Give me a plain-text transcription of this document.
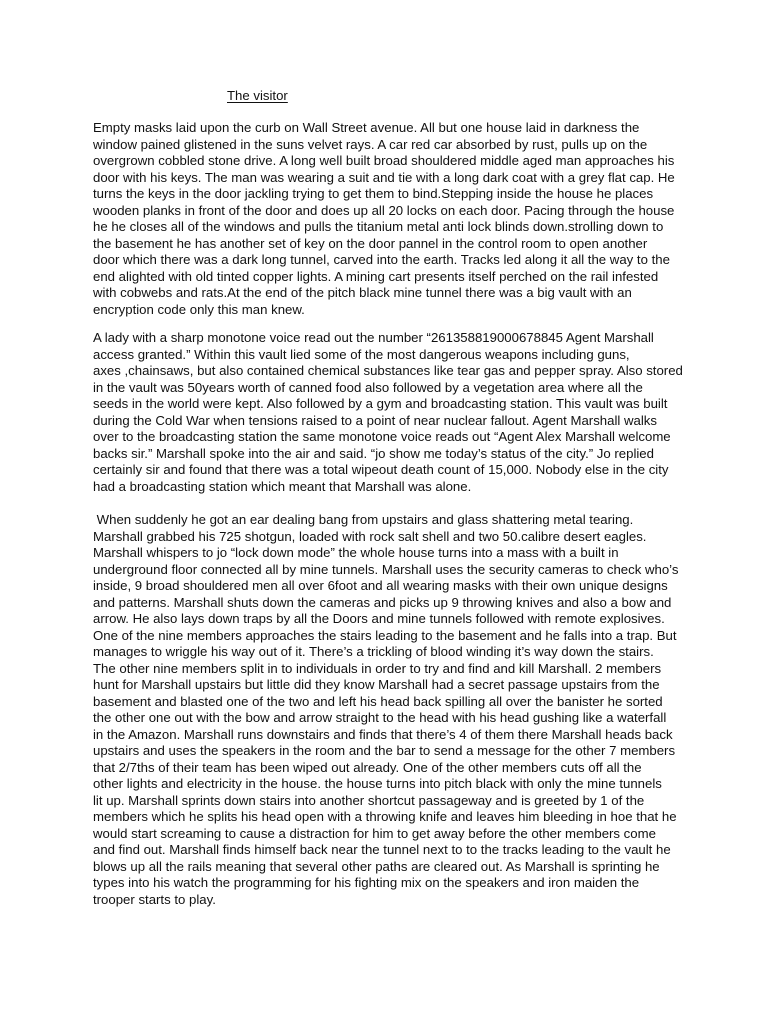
The visitor
Empty masks laid upon the curb on Wall Street avenue. All but one house laid in darkness the
window pained glistened in the suns velvet rays. A car red car absorbed by rust, pulls up on the
overgrown cobbled stone drive. A long well built broad shouldered middle aged man approaches his
door with his keys. The man was wearing a suit and tie with a long dark coat with a grey flat cap. He
turns the keys in the door jackling trying to get them to bind.Stepping inside the house he places
wooden planks in front of the door and does up all 20 locks on each door. Pacing through the house
he he closes all of the windows and pulls the titanium metal anti lock blinds down.strolling down to
the basement he has another set of key on the door pannel in the control room to open another
door which there was a dark long tunnel, carved into the earth. Tracks led along it all the way to the
end alighted with old tinted copper lights. A mining cart presents itself perched on the rail infested
with cobwebs and rats.At the end of the pitch black mine tunnel there was a big vault with an
encryption code only this man knew.
A lady with a sharp monotone voice read out the number “261358819000678845 Agent Marshall
access granted.” Within this vault lied some of the most dangerous weapons including guns,
axes ,chainsaws, but also contained chemical substances like tear gas and pepper spray. Also stored
in the vault was 50years worth of canned food also followed by a vegetation area where all the
seeds in the world were kept. Also followed by a gym and broadcasting station. This vault was built
during the Cold War when tensions raised to a point of near nuclear fallout. Agent Marshall walks
over to the broadcasting station the same monotone voice reads out “Agent Alex Marshall welcome
backs sir.” Marshall spoke into the air and said. “jo show me today’s status of the city.” Jo replied
certainly sir and found that there was a total wipeout death count of 15,000. Nobody else in the city
had a broadcasting station which meant that Marshall was alone.
When suddenly he got an ear dealing bang from upstairs and glass shattering metal tearing.
Marshall grabbed his 725 shotgun, loaded with rock salt shell and two 50.calibre desert eagles.
Marshall whispers to jo “lock down mode” the whole house turns into a mass with a built in
underground floor connected all by mine tunnels. Marshall uses the security cameras to check who’s
inside, 9 broad shouldered men all over 6foot and all wearing masks with their own unique designs
and patterns. Marshall shuts down the cameras and picks up 9 throwing knives and also a bow and
arrow. He also lays down traps by all the Doors and mine tunnels followed with remote explosives.
One of the nine members approaches the stairs leading to the basement and he falls into a trap. But
manages to wriggle his way out of it. There’s a trickling of blood winding it’s way down the stairs.
The other nine members split in to individuals in order to try and find and kill Marshall. 2 members
hunt for Marshall upstairs but little did they know Marshall had a secret passage upstairs from the
basement and blasted one of the two and left his head back spilling all over the banister he sorted
the other one out with the bow and arrow straight to the head with his head gushing like a waterfall
in the Amazon. Marshall runs downstairs and finds that there’s 4 of them there Marshall heads back
upstairs and uses the speakers in the room and the bar to send a message for the other 7 members
that 2/7ths of their team has been wiped out already. One of the other members cuts off all the
other lights and electricity in the house. the house turns into pitch black with only the mine tunnels
lit up. Marshall sprints down stairs into another shortcut passageway and is greeted by 1 of the
members which he splits his head open with a throwing knife and leaves him bleeding in hoe that he
would start screaming to cause a distraction for him to get away before the other members come
and find out. Marshall finds himself back near the tunnel next to to the tracks leading to the vault he
blows up all the rails meaning that several other paths are cleared out. As Marshall is sprinting he
types into his watch the programming for his fighting mix on the speakers and iron maiden the
trooper starts to play.
